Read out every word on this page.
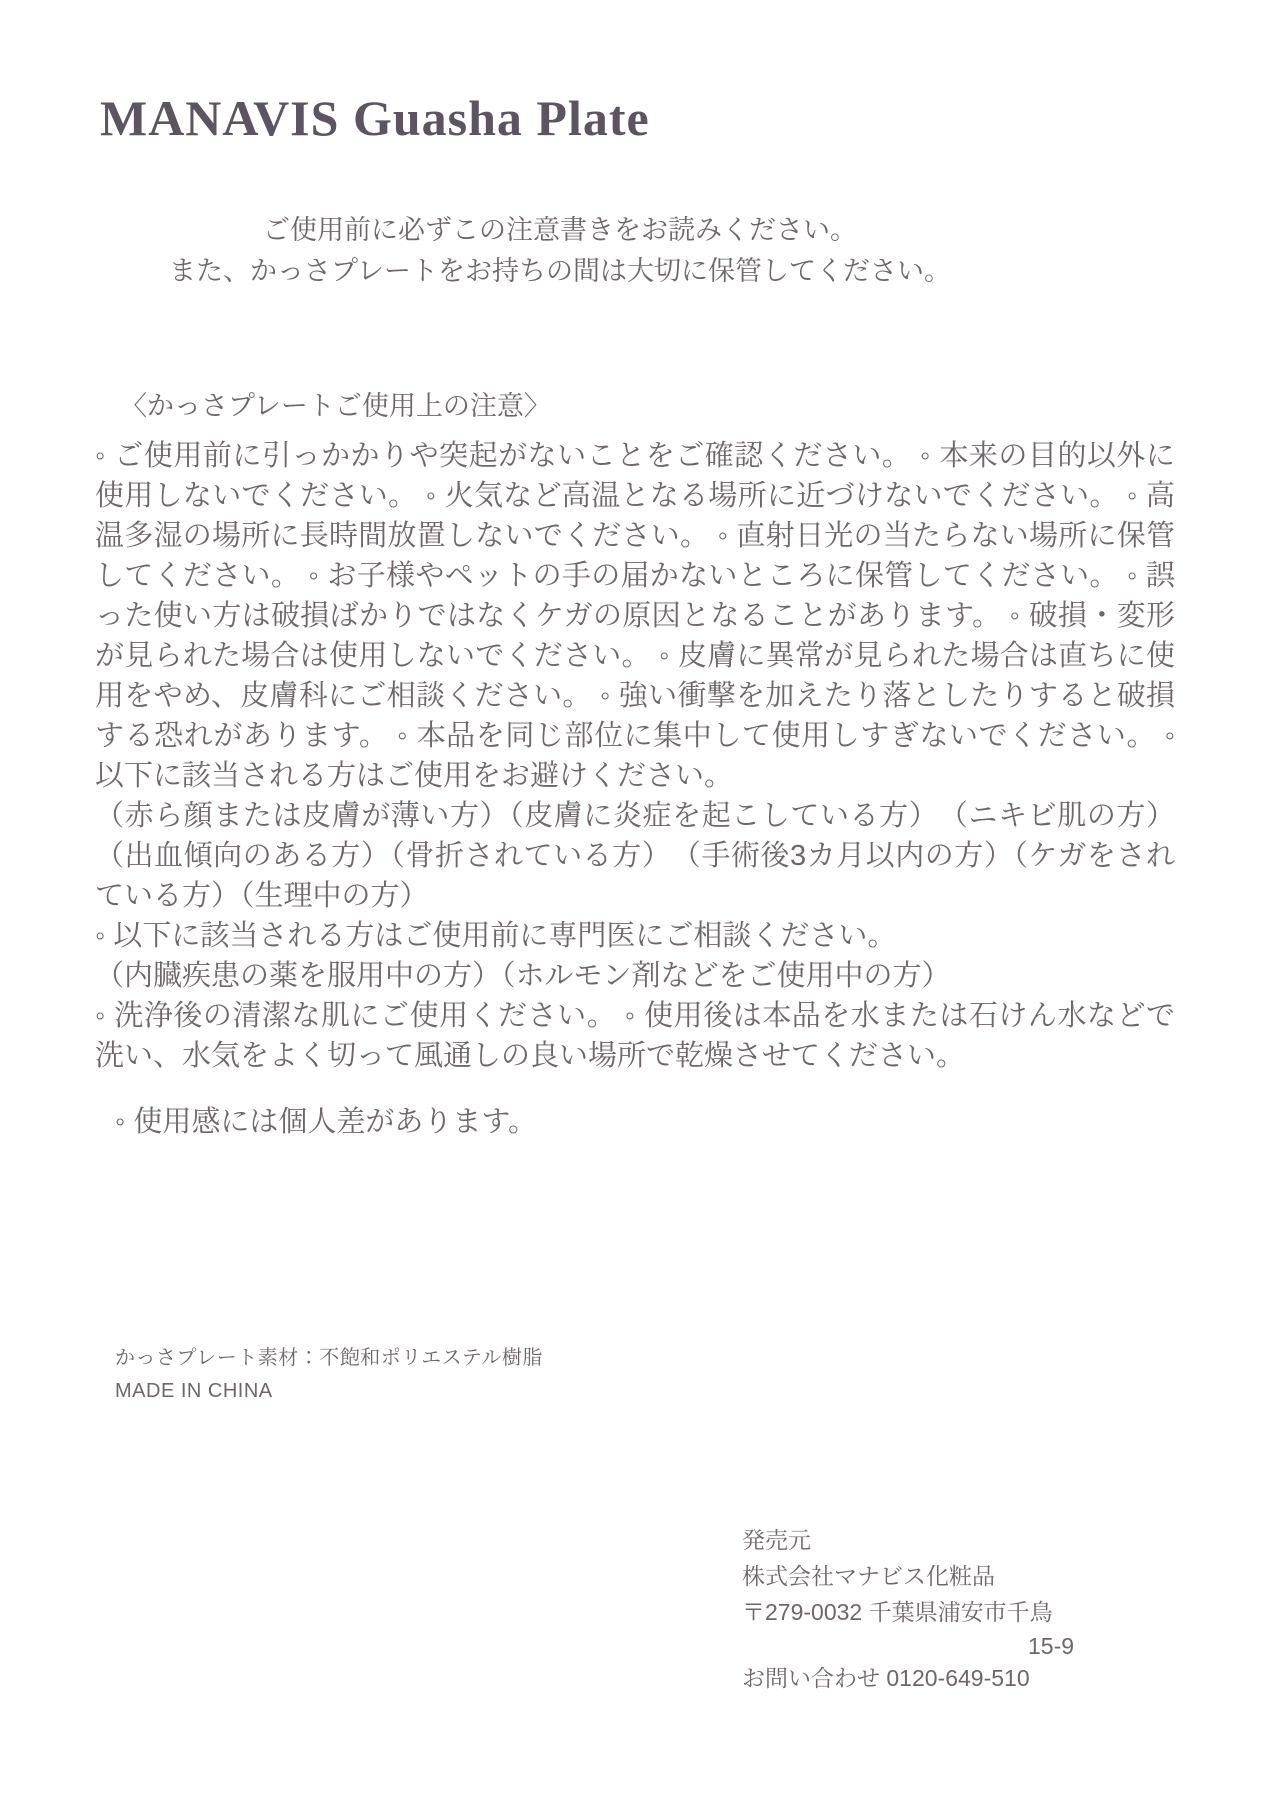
MANAVIS Guasha Plate
ご使用前に必ずこの注意書きをお読みください。
また、かっさプレートをお持ちの間は大切に保管してください。
〈かっさプレートご使用上の注意〉

◦ ご使用前に引っかかりや突起がないことをご確認ください。 ◦ 本来の目的以外に使用しないでください。 ◦ 火気など高温となる場所に近づけないでください。 ◦ 高温多湿の場所に長時間放置しないでください。 ◦ 直射日光の当たらない場所に保管してください。 ◦ お子様やペットの手の届かないところに保管してください。 ◦ 誤った使い方は破損ばかりではなくケガの原因となることがあります。 ◦ 破損・変形が見られた場合は使用しないでください。 ◦ 皮膚に異常が見られた場合は直ちに使用をやめ、皮膚科にご相談ください。 ◦ 強い衝撃を加えたり落としたりすると破損する恐れがあります。 ◦ 本品を同じ部位に集中して使用しすぎないでください。 ◦ 以下に該当される方はご使用をお避けください。

（赤ら顔または皮膚が薄い方）（皮膚に炎症を起こしている方）　（ニキビ肌の方）（出血傾向のある方）（骨折されている方）　（手術後3カ月以内の方）（ケガをされている方）（生理中の方）

◦ 以下に該当される方はご使用前に専門医にご相談ください。

（内臓疾患の薬を服用中の方）（ホルモン剤などをご使用中の方）

◦ 洗浄後の清潔な肌にご使用ください。 ◦ 使用後は本品を水または石けん水などで洗い、水気をよく切って風通しの良い場所で乾燥させてください。

◦ 使用感には個人差があります。
かっさプレート素材：不飽和ポリエステル樹脂
MADE IN CHINA
発売元
株式会社マナビス化粧品
〒279-0032 千葉県浦安市千鳥
15-9
お問い合わせ 0120-649-510
